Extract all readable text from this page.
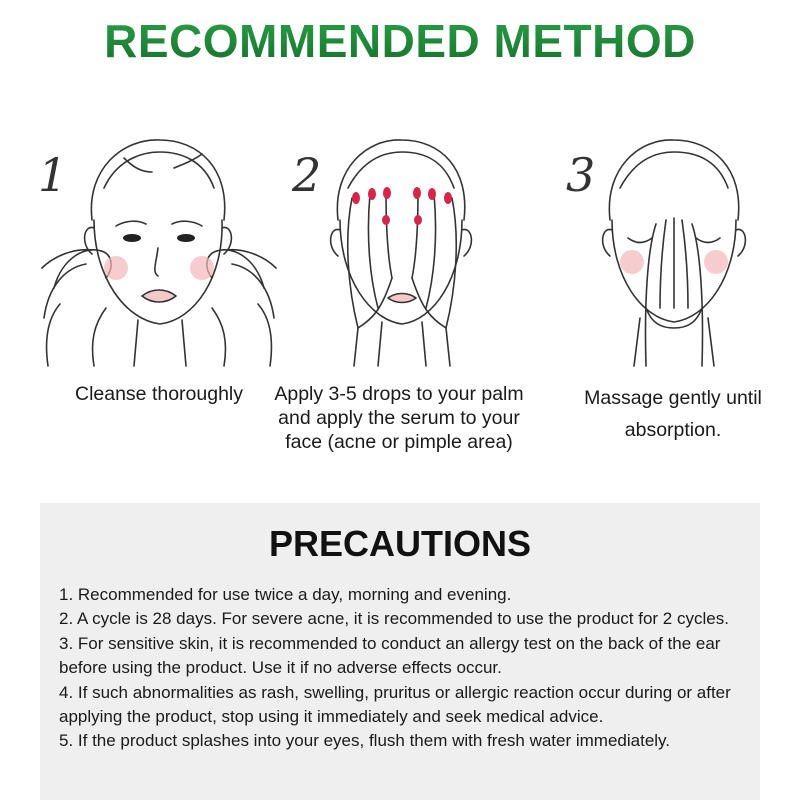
RECOMMENDED METHOD
1
Cleanse thoroughly
2
Apply 3-5 drops to your palm and apply the serum to your face (acne or pimple area)
3
Massage gently until absorption.
PRECAUTIONS
1. Recommended for use twice a day, morning and evening.
2. A cycle is 28 days. For severe acne, it is recommended to use the product for 2 cycles.
3. For sensitive skin, it is recommended to conduct an allergy test on the back of the ear before using the product. Use it if no adverse effects occur.
4. If such abnormalities as rash, swelling, pruritus or allergic reaction occur during or after applying the product, stop using it immediately and seek medical advice.
5. If the product splashes into your eyes, flush them with fresh water immediately.
